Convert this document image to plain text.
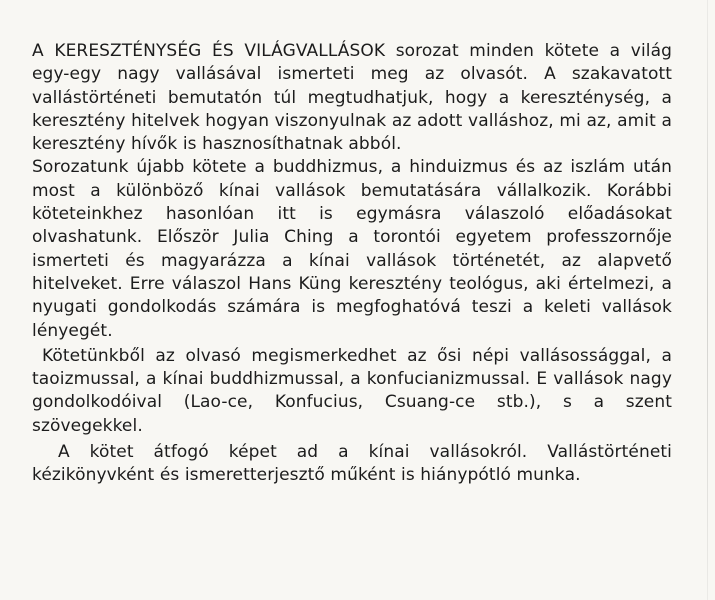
A KERESZTÉNYSÉG ÉS VILÁGVALLÁSOK sorozat minden kötete a világ egy-egy nagy vallásával ismerteti meg az olvasót. A szakavatott vallástörténeti bemutatón túl megtudhatjuk, hogy a kereszténység, a keresztény hitelvek hogyan viszonyulnak az adott valláshoz, mi az, amit a keresztény hívők is hasznosíthatnak abból.

Sorozatunk újabb kötete a buddhizmus, a hinduizmus és az iszlám után most a különböző kínai vallások bemutatására vállalkozik. Korábbi köteteinkhez hasonlóan itt is egymásra válaszoló előadásokat olvashatunk. Először Julia Ching a torontói egyetem professzornője ismerteti és magyarázza a kínai vallások történetét, az alapvető hitelveket. Erre válaszol Hans Küng keresztény teológus, aki értelmezi, a nyugati gondolkodás számára is megfoghatóvá teszi a keleti vallások lényegét.

Kötetünkből az olvasó megismerkedhet az ősi népi vallásossággal, a taoizmussal, a kínai buddhizmussal, a konfucianizmussal. E vallások nagy gondolkodóival (Lao-ce, Konfucius, Csuang-ce stb.), s a szent szövegekkel.

A kötet átfogó képet ad a kínai vallásokról. Vallástörténeti kézikönyvként és ismeretterjesztő műként is hiánypótló munka.
